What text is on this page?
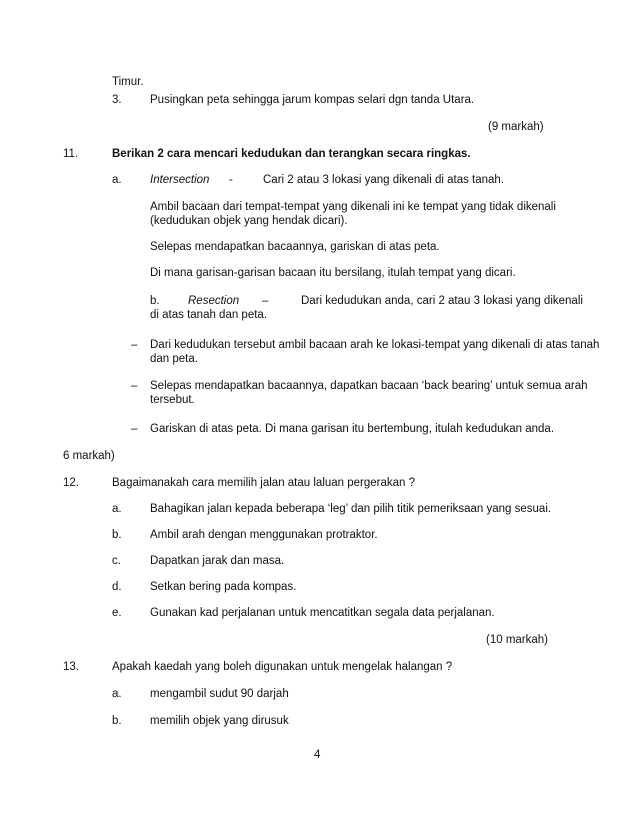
Timur.
3. Pusingkan peta sehingga jarum kompas selari dgn tanda Utara.
(9 markah)
11.	Berikan 2 cara mencari kedudukan dan terangkan secara ringkas.
a. Intersection -	Cari 2 atau 3 lokasi yang dikenali di atas tanah.
Ambil bacaan dari tempat-tempat yang dikenali ini ke tempat yang tidak dikenali
(kedudukan objek yang hendak dicari).
Selepas mendapatkan bacaannya, gariskan di atas peta.
Di mana garisan-garisan bacaan itu bersilang, itulah tempat yang dicari.
b. Resection –	Dari kedudukan anda, cari 2 atau 3 lokasi yang dikenali
di atas tanah dan peta.
– Dari kedudukan tersebut ambil bacaan arah ke lokasi-tempat yang dikenali di atas tanah
dan peta.
– Selepas mendapatkan bacaannya, dapatkan bacaan ‘back bearing’ untuk semua arah
tersebut.
– Gariskan di atas peta. Di mana garisan itu bertembung, itulah kedudukan anda.
6 markah)
12.	Bagaimanakah cara memilih jalan atau laluan pergerakan ?
a. Bahagikan jalan kepada beberapa ‘leg’ dan pilih titik pemeriksaan yang sesuai.
b. Ambil arah dengan menggunakan protraktor.
c.	Dapatkan jarak dan masa.
d. Setkan bering pada kompas.
e. Gunakan kad perjalanan untuk mencatitkan segala data perjalanan.
(10 markah)
13.	Apakah kaedah yang boleh digunakan untuk mengelak halangan ?
a. mengambil sudut 90 darjah
b. memilih objek yang dirusuk
4
